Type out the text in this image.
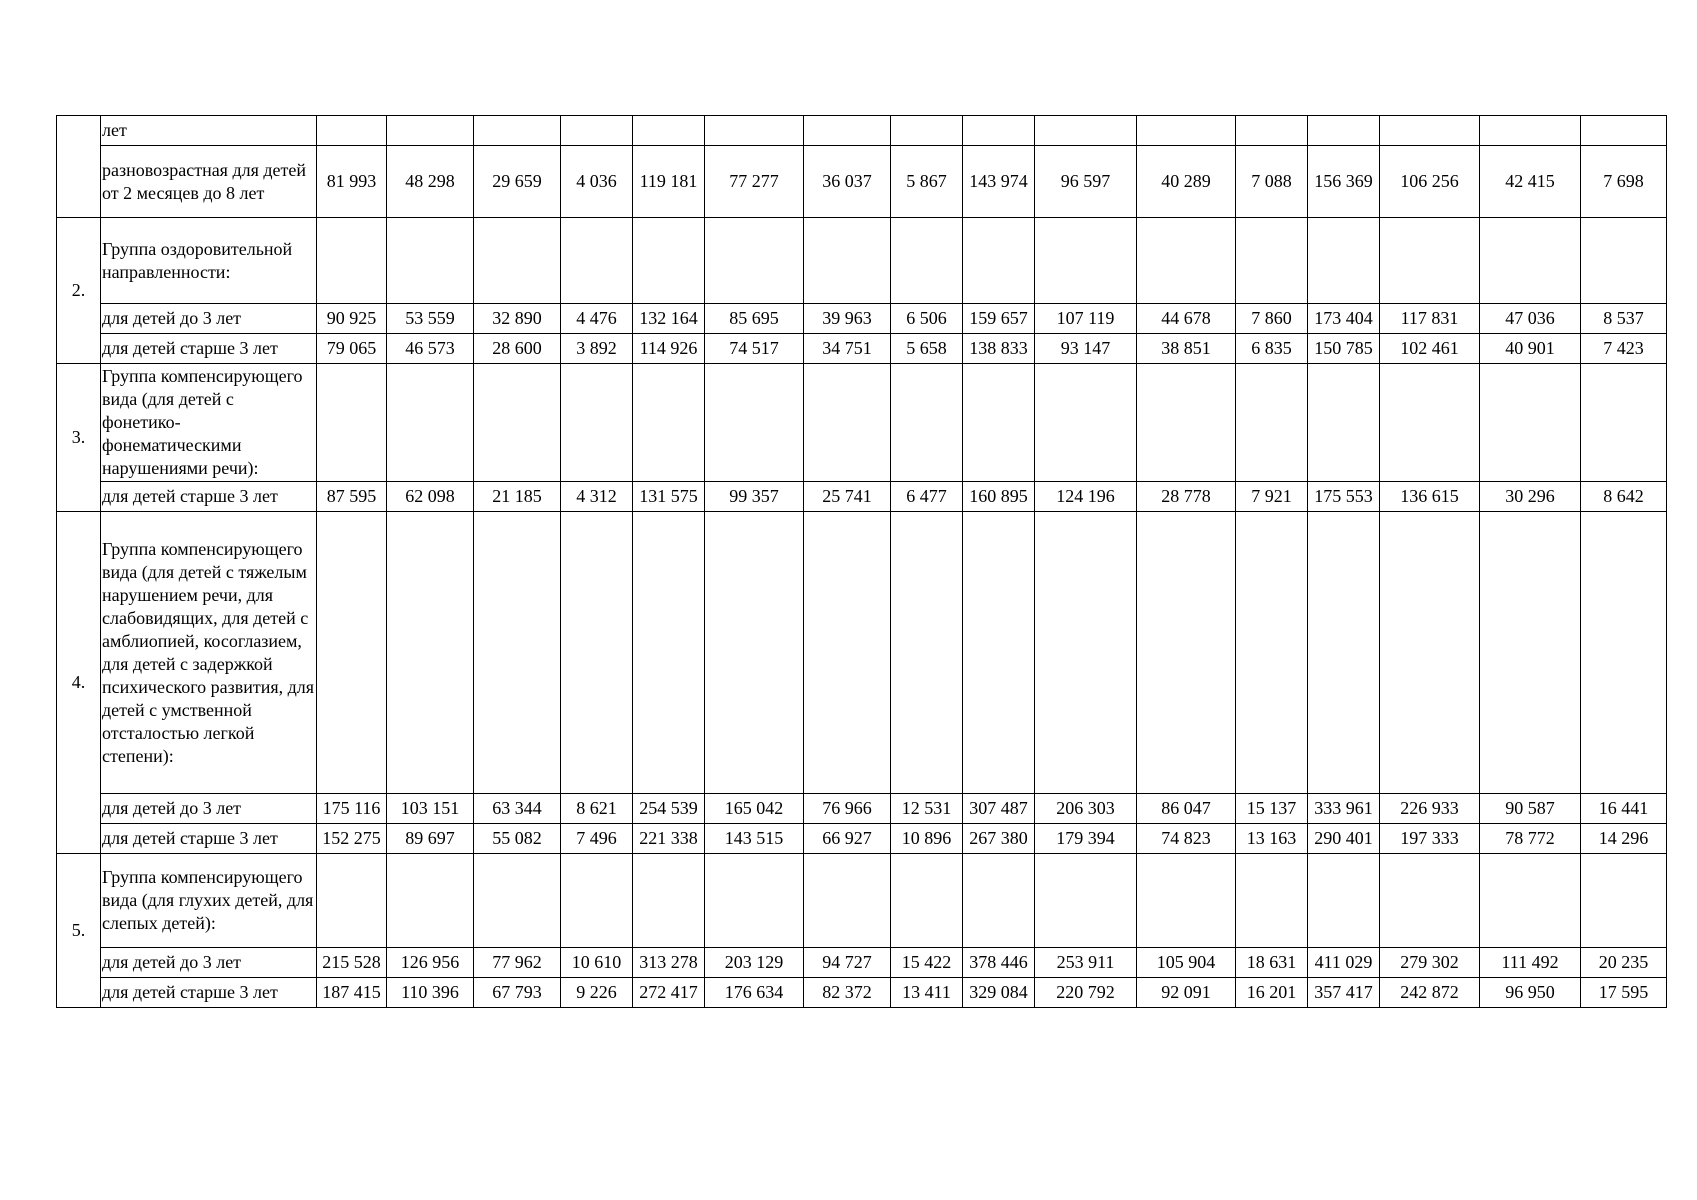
	лет																
	разновозрастная для детей от 2 месяцев до 8 лет	81 993	48 298	29 659	4 036	119 181	77 277	36 037	5 867	143 974	96 597	40 289	7 088	156 369	106 256	42 415	7 698
2.	Группа оздоровительной направленности:																
	для детей до 3 лет	90 925	53 559	32 890	4 476	132 164	85 695	39 963	6 506	159 657	107 119	44 678	7 860	173 404	117 831	47 036	8 537
	для детей старше 3 лет	79 065	46 573	28 600	3 892	114 926	74 517	34 751	5 658	138 833	93 147	38 851	6 835	150 785	102 461	40 901	7 423
3.	Группа компенсирующего вида (для детей с фонетико-фонематическими нарушениями речи):																
	для детей старше 3 лет	87 595	62 098	21 185	4 312	131 575	99 357	25 741	6 477	160 895	124 196	28 778	7 921	175 553	136 615	30 296	8 642
4.	Группа компенсирующего вида (для детей с тяжелым нарушением речи, для слабовидящих, для детей с амблиопией, косоглазием, для детей с задержкой психического развития, для детей с умственной отсталостью легкой степени):																
	для детей до 3 лет	175 116	103 151	63 344	8 621	254 539	165 042	76 966	12 531	307 487	206 303	86 047	15 137	333 961	226 933	90 587	16 441
	для детей старше 3 лет	152 275	89 697	55 082	7 496	221 338	143 515	66 927	10 896	267 380	179 394	74 823	13 163	290 401	197 333	78 772	14 296
5.	Группа компенсирующего вида (для глухих детей, для слепых детей):																
	для детей до 3 лет	215 528	126 956	77 962	10 610	313 278	203 129	94 727	15 422	378 446	253 911	105 904	18 631	411 029	279 302	111 492	20 235
	для детей старше 3 лет	187 415	110 396	67 793	9 226	272 417	176 634	82 372	13 411	329 084	220 792	92 091	16 201	357 417	242 872	96 950	17 595
